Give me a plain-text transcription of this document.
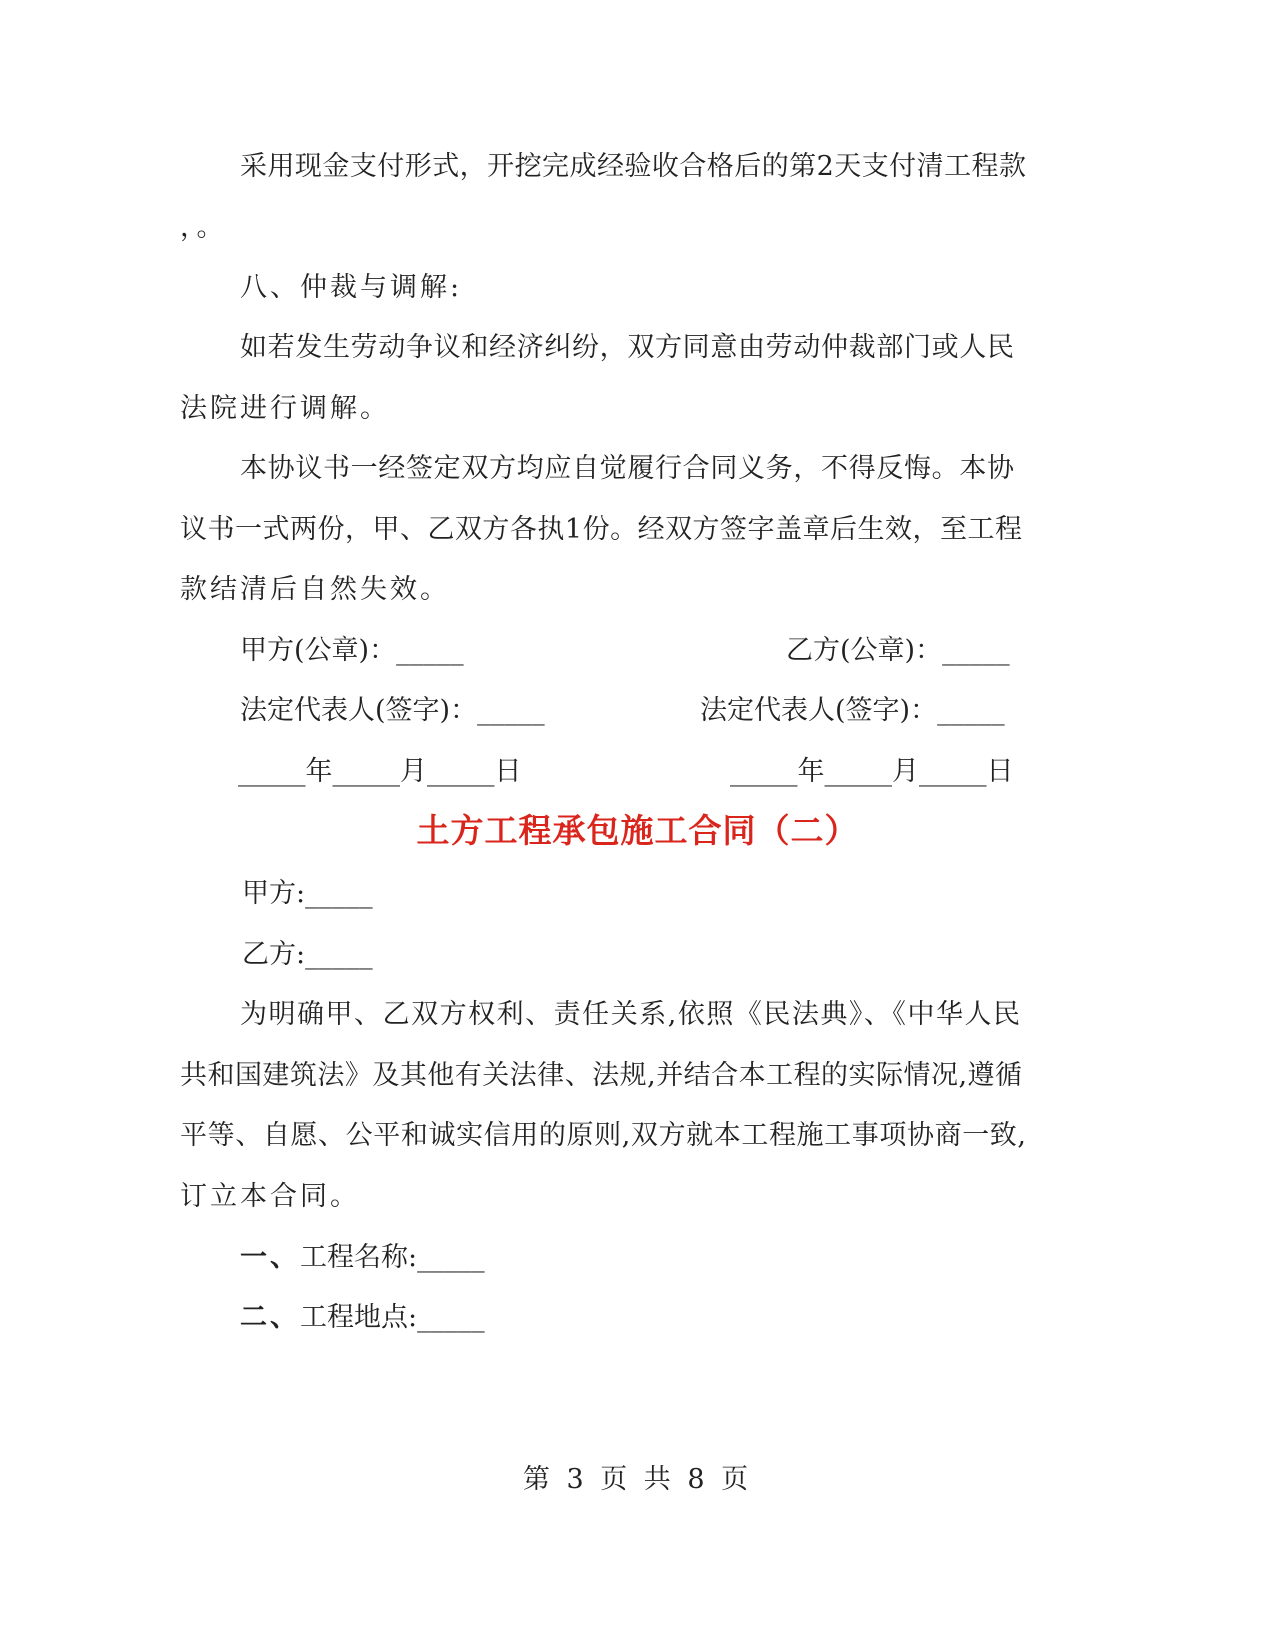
采用现金支付形式，开挖完成经验收合格后的第2天支付清工程款
，。
八、仲裁与调解:
如若发生劳动争议和经济纠纷，双方同意由劳动仲裁部门或人民
法院进行调解。
本协议书一经签定双方均应自觉履行合同义务，不得反悔。本协
议书一式两份，甲、乙双方各执1份。经双方签字盖章后生效，至工程
款结清后自然失效。
甲方(公章)：_____	乙方(公章)：_____
法定代表人(签字)：_____	法定代表人(签字)：_____
_____年_____月_____日	_____年_____月_____日
土方工程承包施工合同（二）
甲方:_____
乙方:_____
为明确甲、乙双方权利、责任关系,依照《民法典》、《中华人民
共和国建筑法》及其他有关法律、法规,并结合本工程的实际情况,遵循
平等、自愿、公平和诚实信用的原则,双方就本工程施工事项协商一致,
订立本合同。
一、工程名称:_____
二、工程地点:_____
第 3 页 共 8 页
